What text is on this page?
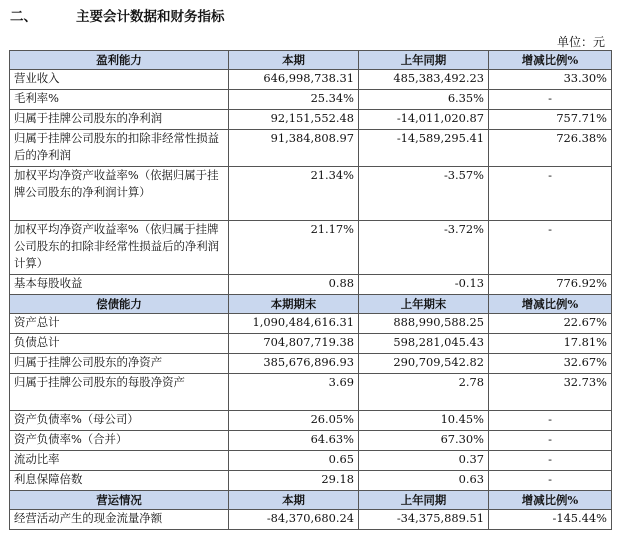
二、	主要会计数据和财务指标
单位：元
盈利能力	本期	上年同期	增减比例%
营业收入	646,998,738.31	485,383,492.23	33.30%
毛利率%	25.34%	6.35%	-
归属于挂牌公司股东的净利润	92,151,552.48	-14,011,020.87	757.71%
归属于挂牌公司股东的扣除非经常性损益后的净利润	91,384,808.97	-14,589,295.41	726.38%
加权平均净资产收益率%（依据归属于挂牌公司股东的净利润计算）	21.34%	-3.57%	-
加权平均净资产收益率%（依归属于挂牌公司股东的扣除非经常性损益后的净利润计算）	21.17%	-3.72%	-
基本每股收益	0.88	-0.13	776.92%
偿债能力	本期期末	上年期末	增减比例%
资产总计	1,090,484,616.31	888,990,588.25	22.67%
负债总计	704,807,719.38	598,281,045.43	17.81%
归属于挂牌公司股东的净资产	385,676,896.93	290,709,542.82	32.67%
归属于挂牌公司股东的每股净资产	3.69	2.78	32.73%
资产负债率%（母公司）	26.05%	10.45%	-
资产负债率%（合并）	64.63%	67.30%	-
流动比率	0.65	0.37	-
利息保障倍数	29.18	0.63	-
营运情况	本期	上年同期	增减比例%
经营活动产生的现金流量净额	-84,370,680.24	-34,375,889.51	-145.44%
